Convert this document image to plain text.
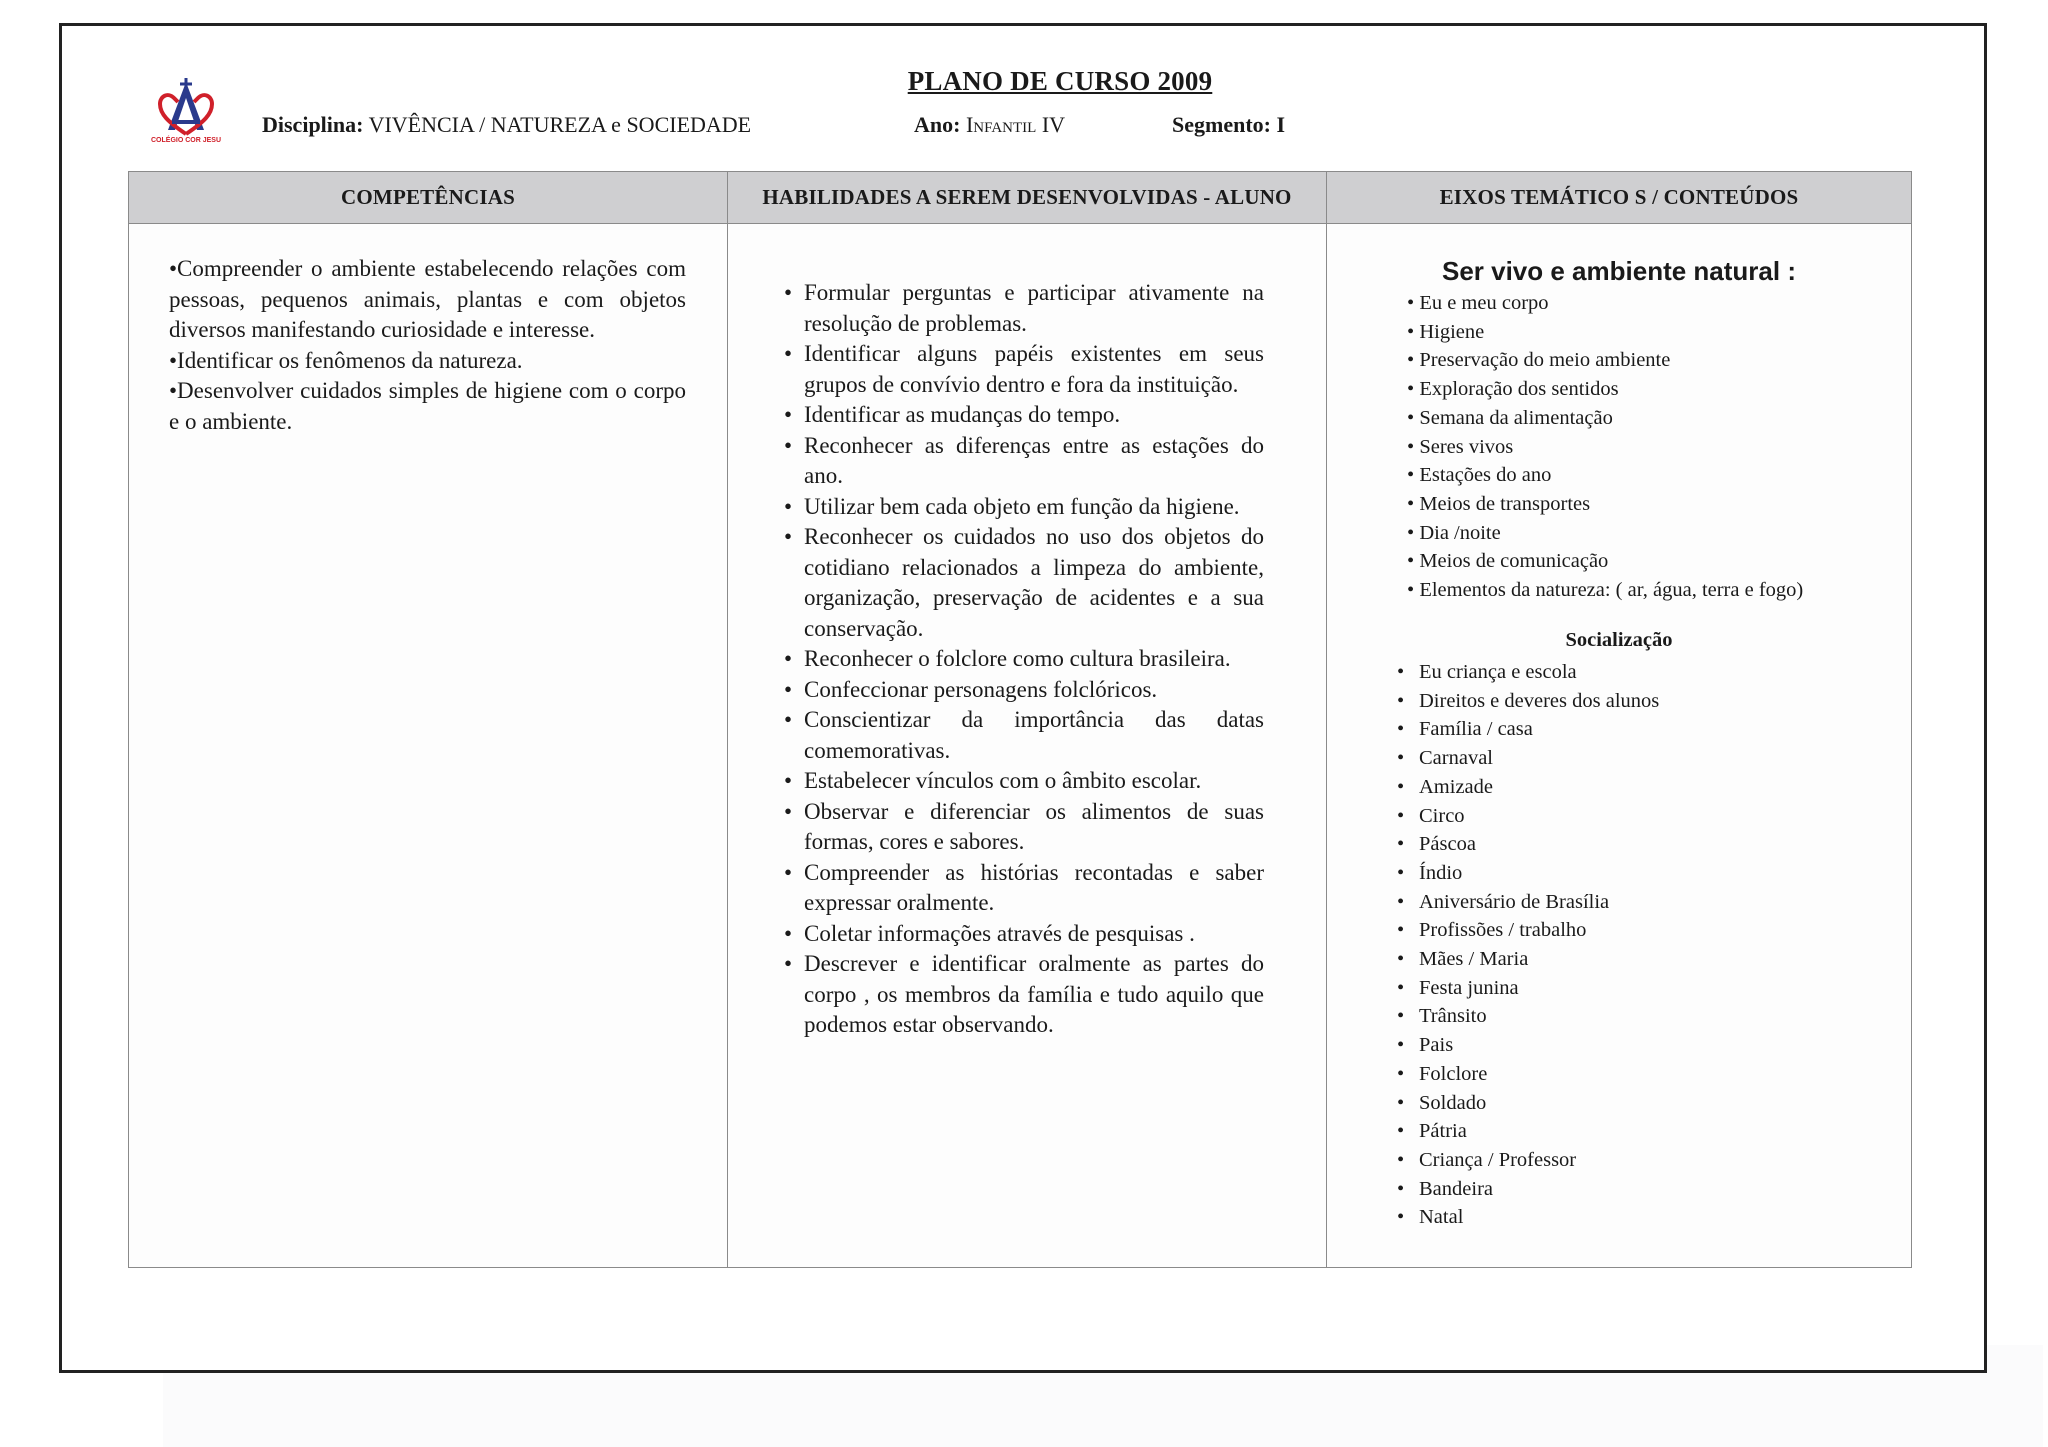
COLÉGIO COR JESU
PLANO DE CURSO 2009
Disciplina: VIVÊNCIA / NATUREZA e SOCIEDADE	Ano: Infantil IV	Segmento: I
COMPETÊNCIAS
•Compreender o ambiente estabelecendo relações com pessoas, pequenos animais, plantas e com objetos diversos manifestando curiosidade e interesse.
•Identificar os fenômenos da natureza.
•Desenvolver cuidados simples de higiene com o corpo e o ambiente.
HABILIDADES A SEREM DESENVOLVIDAS - ALUNO
• Formular perguntas e participar ativamente na resolução de problemas.
• Identificar alguns papéis existentes em seus grupos de convívio dentro e fora da instituição.
• Identificar as mudanças do tempo.
• Reconhecer as diferenças entre as estações do ano.
• Utilizar bem cada objeto em função da higiene.
• Reconhecer os cuidados no uso dos objetos do cotidiano relacionados a limpeza do ambiente, organização, preservação de acidentes e a sua conservação.
• Reconhecer o folclore como cultura brasileira.
• Confeccionar personagens folclóricos.
• Conscientizar da importância das datas comemorativas.
• Estabelecer vínculos com o âmbito escolar.
• Observar e diferenciar os alimentos de suas formas, cores e sabores.
• Compreender as histórias recontadas e saber expressar oralmente.
• Coletar informações através de pesquisas .
• Descrever e identificar oralmente as partes do corpo , os membros da família e tudo aquilo que podemos estar observando.
EIXOS TEMÁTICO S / CONTEÚDOS
Ser vivo e ambiente natural :
• Eu e meu corpo
• Higiene
• Preservação do meio ambiente
• Exploração dos sentidos
• Semana da alimentação
• Seres vivos
• Estações do ano
• Meios de transportes
• Dia /noite
• Meios de comunicação
• Elementos da natureza: ( ar, água, terra e fogo)
Socialização
• Eu criança e escola
• Direitos e deveres dos alunos
• Família / casa
• Carnaval
• Amizade
• Circo
• Páscoa
• Índio
• Aniversário de Brasília
• Profissões / trabalho
• Mães / Maria
• Festa junina
• Trânsito
• Pais
• Folclore
• Soldado
• Pátria
• Criança / Professor
• Bandeira
• Natal
